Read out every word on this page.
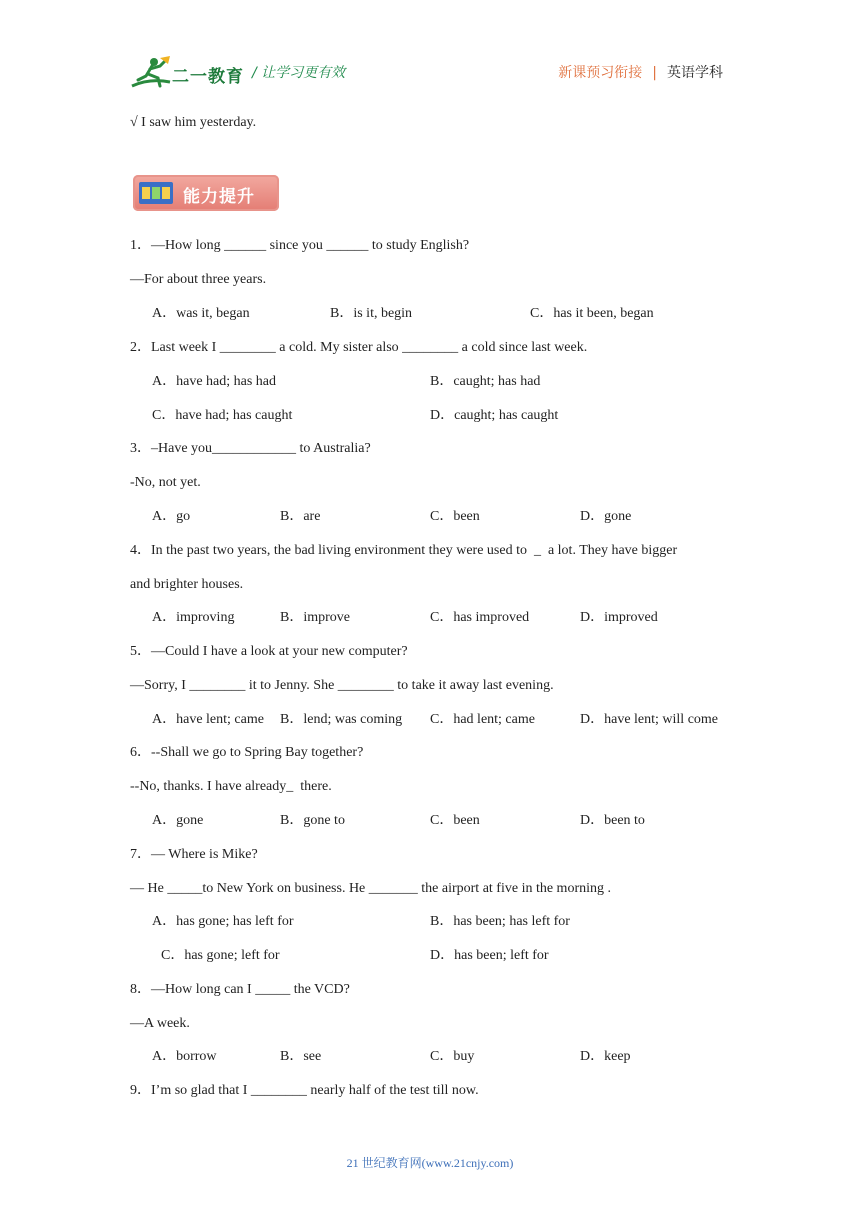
二一教育 / 让学习更有效	新课预习衔接 | 英语学科
√ I saw him yesterday.
1．—How long ______ since you ______ to study English?
—For about three years.
A．was it, began	B．is it, begin	C．has it been, began
2．Last week I ________ a cold. My sister also ________ a cold since last week.
A．have had; has had	B．caught; has had
C．have had; has caught	D．caught; has caught
3．–Have you____________ to Australia?
-No, not yet.
A．go	B．are	C．been	D．gone
4．In the past two years, the bad living environment they were used to  _  a lot. They have bigger
and brighter houses.
A．improving	B．improve	C．has improved	D．improved
5．—Could I have a look at your new computer?
—Sorry, I ________ it to Jenny. She ________ to take it away last evening.
A．have lent; came B．lend; was coming C．had lent; came	D．have lent; will come
6．--Shall we go to Spring Bay together?
--No, thanks. I have already_  there.
A．gone	B．gone to	C．been	D．been to
7．— Where is Mike?
— He _____to New York on business. He _______ the airport at five in the morning .
A．has gone; has left for	B．has been; has left for
C．has gone; left for	D．has been; left for
8．—How long can I _____ the VCD?
—A week.
A．borrow	B．see	C．buy	D．keep
9．I’m so glad that I ________ nearly half of the test till now.
能力提升
21 世纪教育网(www.21cnjy.com)
